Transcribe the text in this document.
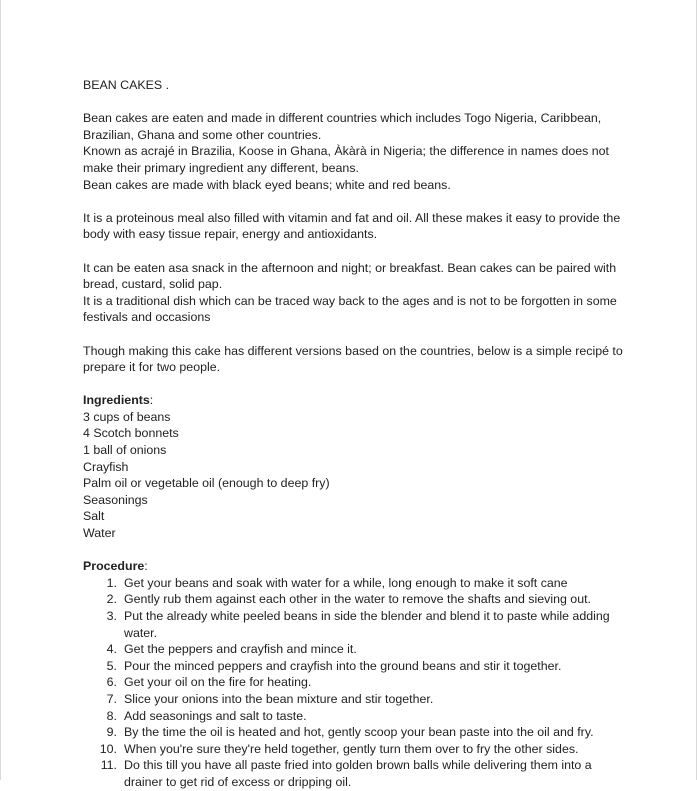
BEAN CAKES .

Bean cakes are eaten and made in different countries which includes Togo Nigeria, Caribbean, Brazilian, Ghana and some other countries.

Known as acrajé in Brazilia, Koose in Ghana, Àkàrà in Nigeria; the difference in names does not make their primary ingredient any different, beans.

Bean cakes are made with black eyed beans; white and red beans.

It is a proteinous meal also filled with vitamin and fat and oil. All these makes it easy to provide the body with easy tissue repair, energy and antioxidants.

It can be eaten asa snack in the afternoon and night; or breakfast. Bean cakes can be paired with bread, custard, solid pap.

It is a traditional dish which can be traced way back to the ages and is not to be forgotten in some festivals and occasions

Though making this cake has different versions based on the countries, below is a simple recipé to prepare it for two people.

Ingredients:

3 cups of beans

4 Scotch bonnets

1 ball of onions

Crayfish

Palm oil or vegetable oil (enough to deep fry)

Seasonings

Salt

Water

Procedure:

1. Get your beans and soak with water for a while, long enough to make it soft cane
2. Gently rub them against each other in the water to remove the shafts and sieving out.
3. Put the already white peeled beans in side the blender and blend it to paste while adding water.
4. Get the peppers and crayfish and mince it.
5. Pour the minced peppers and crayfish into the ground beans and stir it together.
6. Get your oil on the fire for heating.
7. Slice your onions into the bean mixture and stir together.
8. Add seasonings and salt to taste.
9. By the time the oil is heated and hot, gently scoop your bean paste into the oil and fry.
10. When you're sure they're held together, gently turn them over to fry the other sides.
11. Do this till you have all paste fried into golden brown balls while delivering them into a drainer to get rid of excess or dripping oil.
